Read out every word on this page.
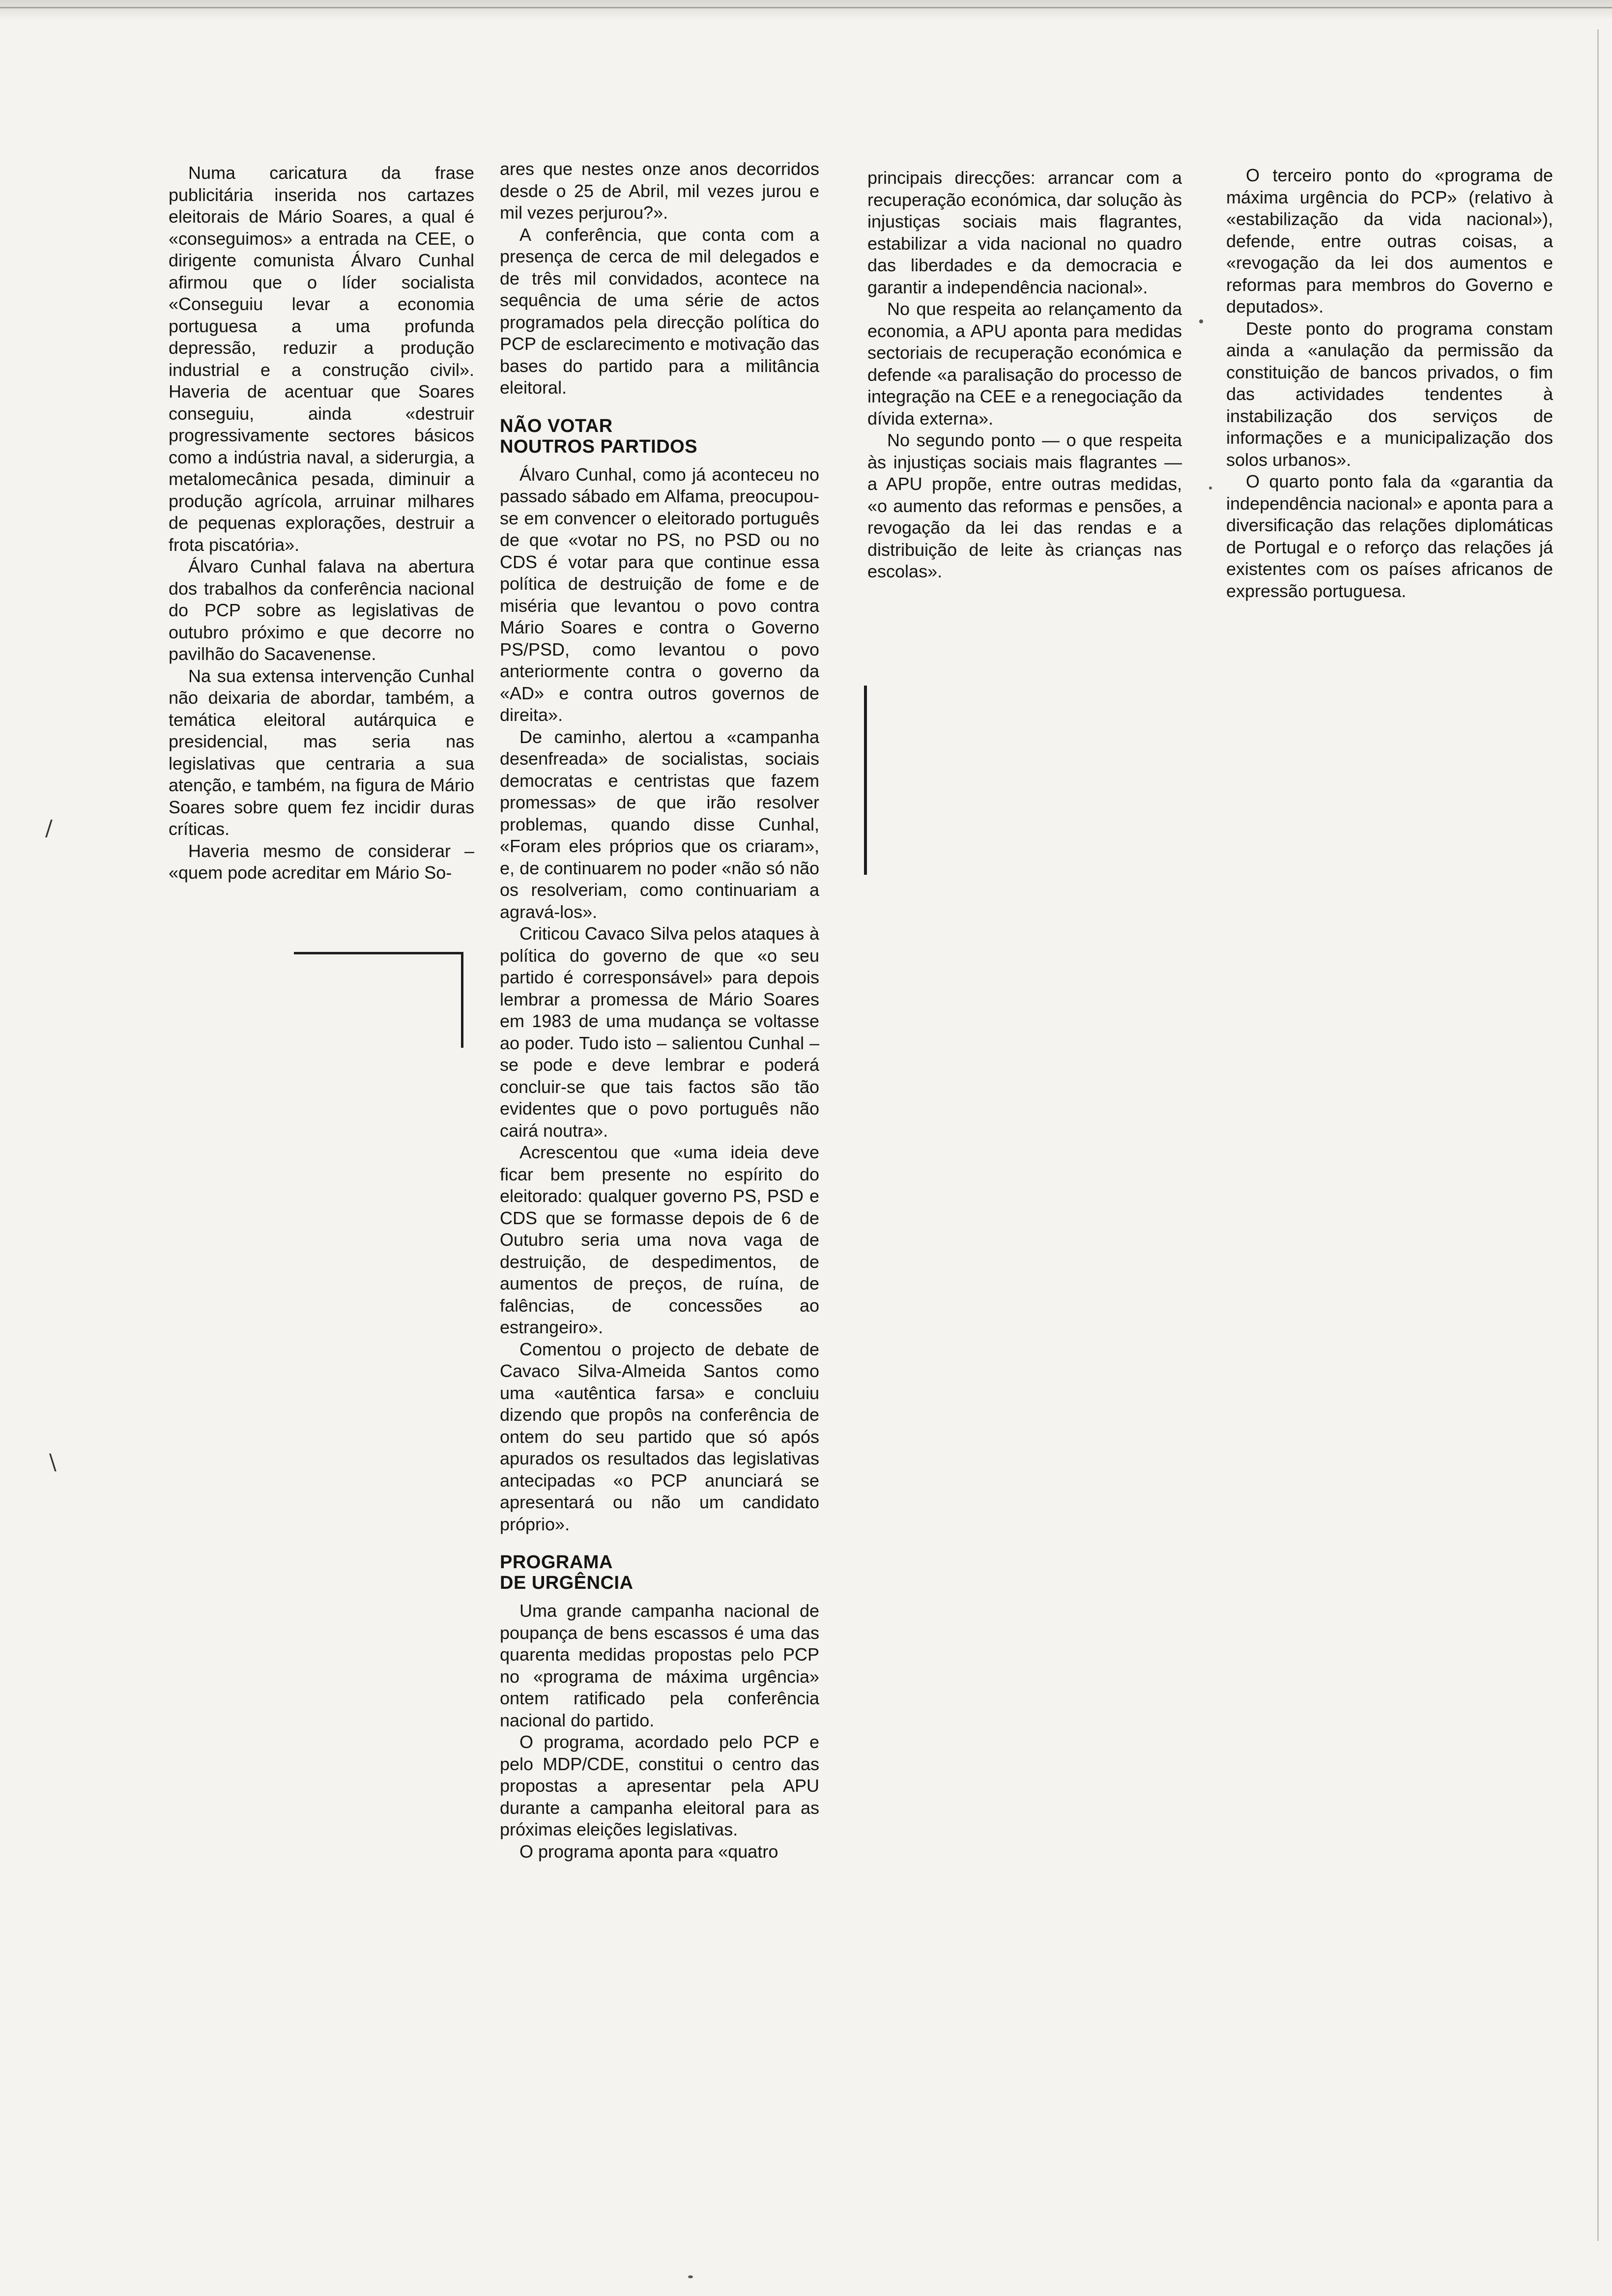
Numa caricatura da frase publicitária inserida nos cartazes eleitorais de Mário Soares, a qual é «conseguimos» a entrada na CEE, o dirigente comunista Álvaro Cunhal afirmou que o líder socialista «Conseguiu levar a economia portuguesa a uma profunda depressão, reduzir a produção industrial e a construção civil». Haveria de acentuar que Soares conseguiu, ainda «destruir progressivamente sectores básicos como a indústria naval, a siderurgia, a metalomecânica pesada, diminuir a produção agrícola, arruinar milhares de pequenas explorações, destruir a frota piscatória».

Álvaro Cunhal falava na abertura dos trabalhos da conferência nacional do PCP sobre as legislativas de outubro próximo e que decorre no pavilhão do Sacavenense.

Na sua extensa intervenção Cunhal não deixaria de abordar, também, a temática eleitoral autárquica e presidencial, mas seria nas legislativas que centraria a sua atenção, e também, na figura de Mário Soares sobre quem fez incidir duras críticas.

Haveria mesmo de considerar – «quem pode acreditar em Mário So-

ares que nestes onze anos decorridos desde o 25 de Abril, mil vezes jurou e mil vezes perjurou?».

A conferência, que conta com a presença de cerca de mil delegados e de três mil convidados, acontece na sequência de uma série de actos programados pela direcção política do PCP de esclarecimento e motivação das bases do partido para a militância eleitoral.

NÃO VOTAR
NOUTROS PARTIDOS

Álvaro Cunhal, como já aconteceu no passado sábado em Alfama, preocupou-se em convencer o eleitorado português de que «votar no PS, no PSD ou no CDS é votar para que continue essa política de destruição de fome e de miséria que levantou o povo contra Mário Soares e contra o Governo PS/PSD, como levantou o povo anteriormente contra o governo da «AD» e contra outros governos de direita».

De caminho, alertou a «campanha desenfreada» de socialistas, sociais democratas e centristas que fazem promessas» de que irão resolver problemas, quando disse Cunhal, «Foram eles próprios que os criaram», e, de continuarem no poder «não só não os resolveriam, como continuariam a agravá-los».

Criticou Cavaco Silva pelos ataques à política do governo de que «o seu partido é corresponsável» para depois lembrar a promessa de Mário Soares em 1983 de uma mudança se voltasse ao poder. Tudo isto – salientou Cunhal – se pode e deve lembrar e poderá concluir-se que tais factos são tão evidentes que o povo português não cairá noutra».

Acrescentou que «uma ideia deve ficar bem presente no espírito do eleitorado: qualquer governo PS, PSD e CDS que se formasse depois de 6 de Outubro seria uma nova vaga de destruição, de despedimentos, de aumentos de preços, de ruína, de falências, de concessões ao estrangeiro».

Comentou o projecto de debate de Cavaco Silva-Almeida Santos como uma «autêntica farsa» e concluiu dizendo que propôs na conferência de ontem do seu partido que só após apurados os resultados das legislativas antecipadas «o PCP anunciará se apresentará ou não um candidato próprio».

PROGRAMA
DE URGÊNCIA

Uma grande campanha nacional de poupança de bens escassos é uma das quarenta medidas propostas pelo PCP no «programa de máxima urgência» ontem ratificado pela conferência nacional do partido.

O programa, acordado pelo PCP e pelo MDP/CDE, constitui o centro das propostas a apresentar pela APU durante a campanha eleitoral para as próximas eleições legislativas.

O programa aponta para «quatro

principais direcções: arrancar com a recuperação económica, dar solução às injustiças sociais mais flagrantes, estabilizar a vida nacional no quadro das liberdades e da democracia e garantir a independência nacional».

No que respeita ao relançamento da economia, a APU aponta para medidas sectoriais de recuperação económica e defende «a paralisação do processo de integração na CEE e a renegociação da dívida externa».

No segundo ponto — o que respeita às injustiças sociais mais flagrantes — a APU propõe, entre outras medidas, «o aumento das reformas e pensões, a revogação da lei das rendas e a distribuição de leite às crianças nas escolas».

O terceiro ponto do «programa de máxima urgência do PCP» (relativo à «estabilização da vida nacional»), defende, entre outras coisas, a «revogação da lei dos aumentos e reformas para membros do Governo e deputados».

Deste ponto do programa constam ainda a «anulação da permissão da constituição de bancos privados, o fim das actividades tendentes à instabilização dos serviços de informações e a municipalização dos solos urbanos».

O quarto ponto fala da «garantia da independência nacional» e aponta para a diversificação das relações diplomáticas de Portugal e o reforço das relações já existentes com os países africanos de expressão portuguesa.

/
\
